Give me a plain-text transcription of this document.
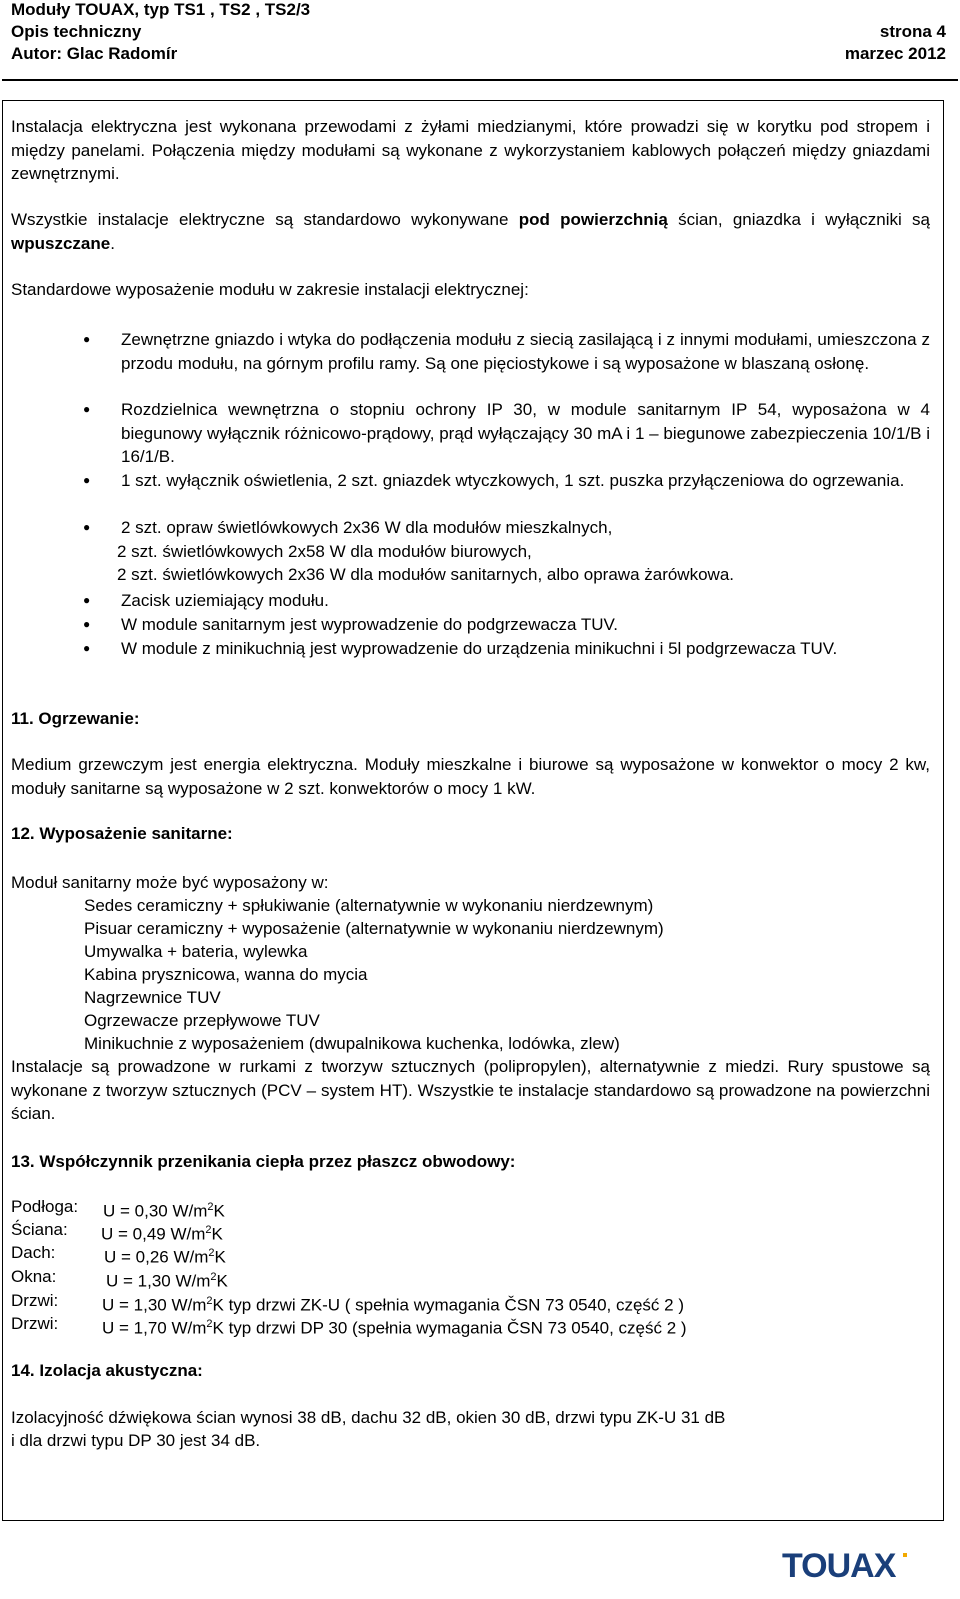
Moduły TOUAX, typ TS1 , TS2 , TS2/3
Opis techniczny
Autor: Glac Radomír
strona 4
marzec 2012

Instalacja elektryczna jest wykonana przewodami z żyłami miedzianymi, które prowadzi się w korytku pod stropem i między panelami. Połączenia między modułami są wykonane z wykorzystaniem kablowych połączeń między gniazdami zewnętrznymi.

Wszystkie instalacje elektryczne są standardowo wykonywane pod powierzchnią ścian, gniazdka i wyłączniki są wpuszczane.

Standardowe wyposażenie modułu w zakresie instalacji elektrycznej:

● Zewnętrzne gniazdo i wtyka do podłączenia modułu z siecią zasilającą i z innymi modułami, umieszczona z przodu modułu, na górnym profilu ramy. Są one pięciostykowe i są wyposażone w blaszaną osłonę.

● Rozdzielnica wewnętrzna o stopniu ochrony IP 30, w module sanitarnym IP 54, wyposażona w 4 biegunowy wyłącznik różnicowo-prądowy, prąd wyłączający 30 mA i 1 – biegunowe zabezpieczenia 10/1/B i 16/1/B.

● 1 szt. wyłącznik oświetlenia, 2 szt. gniazdek wtyczkowych, 1 szt. puszka przyłączeniowa do ogrzewania.

● 2 szt. opraw świetlówkowych 2x36 W dla modułów mieszkalnych,

2 szt. świetlówkowych 2x58 W dla modułów biurowych,

2 szt. świetlówkowych 2x36 W dla modułów sanitarnych, albo oprawa żarówkowa.

● Zacisk uziemiający modułu.

● W module sanitarnym jest wyprowadzenie do podgrzewacza TUV.

● W module z minikuchnią jest wyprowadzenie do urządzenia minikuchni i 5l podgrzewacza TUV.

11. Ogrzewanie:

Medium grzewczym jest energia elektryczna. Moduły mieszkalne i biurowe są wyposażone w konwektor o mocy 2 kw, moduły sanitarne są wyposażone w 2 szt. konwektorów o mocy 1 kW.

12. Wyposażenie sanitarne:

Moduł sanitarny może być wyposażony w:

Sedes ceramiczny + spłukiwanie (alternatywnie w wykonaniu nierdzewnym)

Pisuar ceramiczny + wyposażenie (alternatywnie w wykonaniu nierdzewnym)

Umywalka + bateria, wylewka

Kabina prysznicowa, wanna do mycia

Nagrzewnice TUV

Ogrzewacze przepływowe TUV

Minikuchnie z wyposażeniem (dwupalnikowa kuchenka, lodówka, zlew)

Instalacje są prowadzone w rurkami z tworzyw sztucznych (polipropylen), alternatywnie z miedzi. Rury spustowe są wykonane z tworzyw sztucznych (PCV – system HT). Wszystkie te instalacje standardowo są prowadzone na powierzchni ścian.

13. Współczynnik przenikania ciepła przez płaszcz obwodowy:

Podłoga: U = 0,30 $W/m^2K$
Ściana: U = 0,49 $W/m^2K$
Dach:	U = 0,26 $W/m^2K$
Okna:	U = 1,30 $W/m^2K$
Drzwi:	U = 1,30 $W/m^2K$ typ drzwi ZK-U ( spełnia wymagania ČSN 73 0540, część 2 )
Drzwi:	U = 1,70 $W/m^2K$ typ drzwi DP 30 (spełnia wymagania ČSN 73 0540, część 2 )

14. Izolacja akustyczna:

Izolacyjność dźwiękowa ścian wynosi 38 dB, dachu 32 dB, okien 30 dB, drzwi typu ZK-U 31 dB

i dla drzwi typu DP 30 jest 34 dB.

TOUAX
